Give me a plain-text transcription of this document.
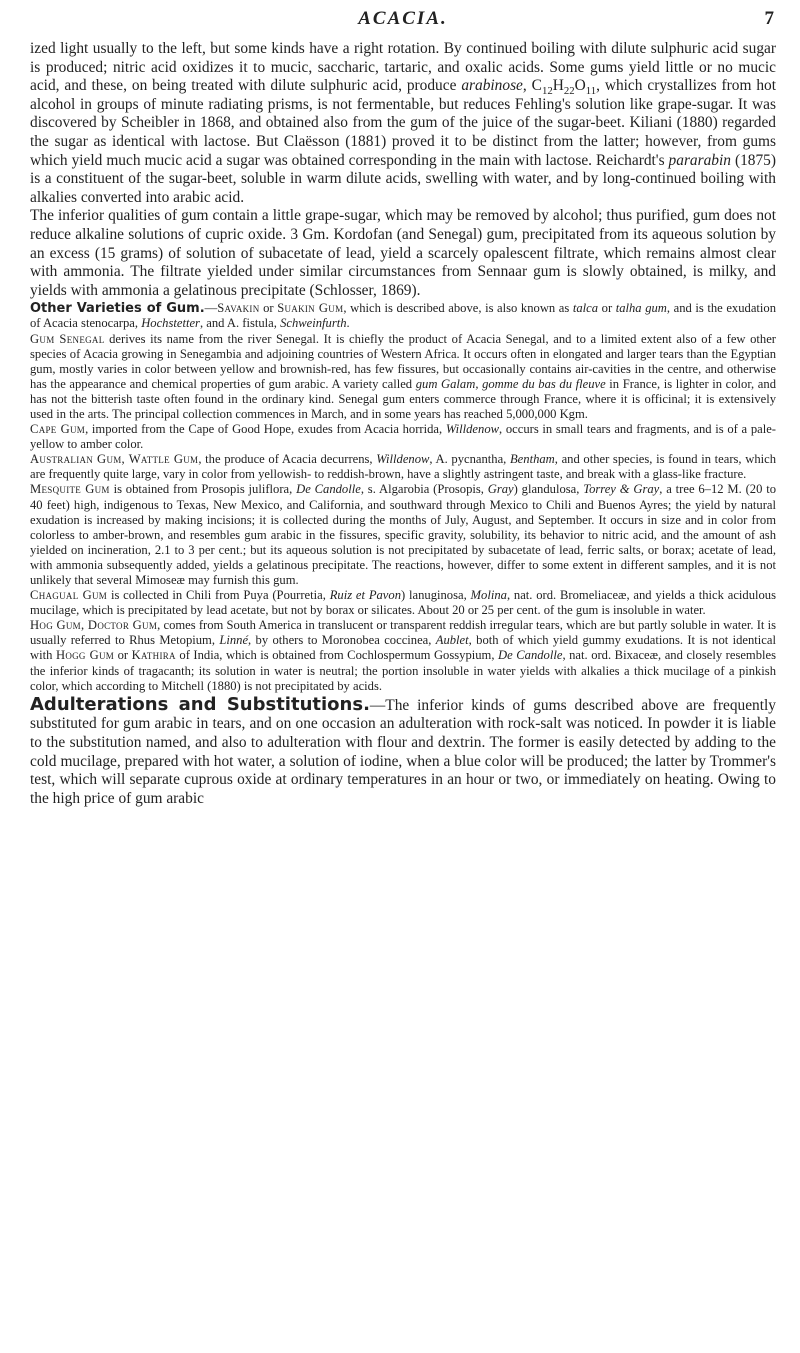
ACACIA.	7

ized light usually to the left, but some kinds have a right rotation. By continued boiling with dilute sulphuric acid sugar is produced; nitric acid oxidizes it to mucic, saccharic, tartaric, and oxalic acids. Some gums yield little or no mucic acid, and these, on being treated with dilute sulphuric acid, produce arabinose, $C_{12}H_{22}O_{11}$, which crystallizes from hot alcohol in groups of minute radiating prisms, is not fermentable, but reduces Fehling's solution like grape-sugar. It was discovered by Scheibler in 1868, and obtained also from the gum of the juice of the sugar-beet. Kiliani (1880) regarded the sugar as identical with lactose. But Claësson (1881) proved it to be distinct from the latter; however, from gums which yield much mucic acid a sugar was obtained corresponding in the main with lactose. Reichardt's pararabin (1875) is a constituent of the sugar-beet, soluble in warm dilute acids, swelling with water, and by long-continued boiling with alkalies converted into arabic acid.

The inferior qualities of gum contain a little grape-sugar, which may be removed by alcohol; thus purified, gum does not reduce alkaline solutions of cupric oxide. 3 Gm. Kordofan (and Senegal) gum, precipitated from its aqueous solution by an excess (15 grams) of solution of subacetate of lead, yield a scarcely opalescent filtrate, which remains almost clear with ammonia. The filtrate yielded under similar circumstances from Sennaar gum is slowly obtained, is milky, and yields with ammonia a gelatinous precipitate (Schlosser, 1869).

Other Varieties of Gum.—Savakin or Suakin Gum, which is described above, is also known as talca or talha gum, and is the exudation of Acacia stenocarpa, Hochstetter, and A. fistula, Schweinfurth.

Gum Senegal derives its name from the river Senegal. It is chiefly the product of Acacia Senegal, and to a limited extent also of a few other species of Acacia growing in Senegambia and adjoining countries of Western Africa. It occurs often in elongated and larger tears than the Egyptian gum, mostly varies in color between yellow and brownish-red, has few fissures, but occasionally contains air-cavities in the centre, and otherwise has the appearance and chemical properties of gum arabic. A variety called gum Galam, gomme du bas du fleuve in France, is lighter in color, and has not the bitterish taste often found in the ordinary kind. Senegal gum enters commerce through France, where it is officinal; it is extensively used in the arts. The principal collection commences in March, and in some years has reached 5,000,000 Kgm.

Cape Gum, imported from the Cape of Good Hope, exudes from Acacia horrida, Willdenow, occurs in small tears and fragments, and is of a pale-yellow to amber color.

Australian Gum, Wattle Gum, the produce of Acacia decurrens, Willdenow, A. pycnantha, Bentham, and other species, is found in tears, which are frequently quite large, vary in color from yellowish- to reddish-brown, have a slightly astringent taste, and break with a glass-like fracture.

Mesquite Gum is obtained from Prosopis juliflora, De Candolle, s. Algarobia (Prosopis, Gray) glandulosa, Torrey & Gray, a tree 6–12 M. (20 to 40 feet) high, indigenous to Texas, New Mexico, and California, and southward through Mexico to Chili and Buenos Ayres; the yield by natural exudation is increased by making incisions; it is collected during the months of July, August, and September. It occurs in size and in color from colorless to amber-brown, and resembles gum arabic in the fissures, specific gravity, solubility, its behavior to nitric acid, and the amount of ash yielded on incineration, 2.1 to 3 per cent.; but its aqueous solution is not precipitated by subacetate of lead, ferric salts, or borax; acetate of lead, with ammonia subsequently added, yields a gelatinous precipitate. The reactions, however, differ to some extent in different samples, and it is not unlikely that several Mimoseæ may furnish this gum.

Chagual Gum is collected in Chili from Puya (Pourretia, Ruiz et Pavon) lanuginosa, Molina, nat. ord. Bromeliaceæ, and yields a thick acidulous mucilage, which is precipitated by lead acetate, but not by borax or silicates. About 20 or 25 per cent. of the gum is insoluble in water.

Hog Gum, Doctor Gum, comes from South America in translucent or transparent reddish irregular tears, which are but partly soluble in water. It is usually referred to Rhus Metopium, Linné, by others to Moronobea coccinea, Aublet, both of which yield gummy exudations. It is not identical with Hogg Gum or Kathira of India, which is obtained from Cochlospermum Gossypium, De Candolle, nat. ord. Bixaceæ, and closely resembles the inferior kinds of tragacanth; its solution in water is neutral; the portion insoluble in water yields with alkalies a thick mucilage of a pinkish color, which according to Mitchell (1880) is not precipitated by acids.

Adulterations and Substitutions.—The inferior kinds of gums described above are frequently substituted for gum arabic in tears, and on one occasion an adulteration with rock-salt was noticed. In powder it is liable to the substitution named, and also to adulteration with flour and dextrin. The former is easily detected by adding to the cold mucilage, prepared with hot water, a solution of iodine, when a blue color will be produced; the latter by Trommer's test, which will separate cuprous oxide at ordinary temperatures in an hour or two, or immediately on heating. Owing to the high price of gum arabic
